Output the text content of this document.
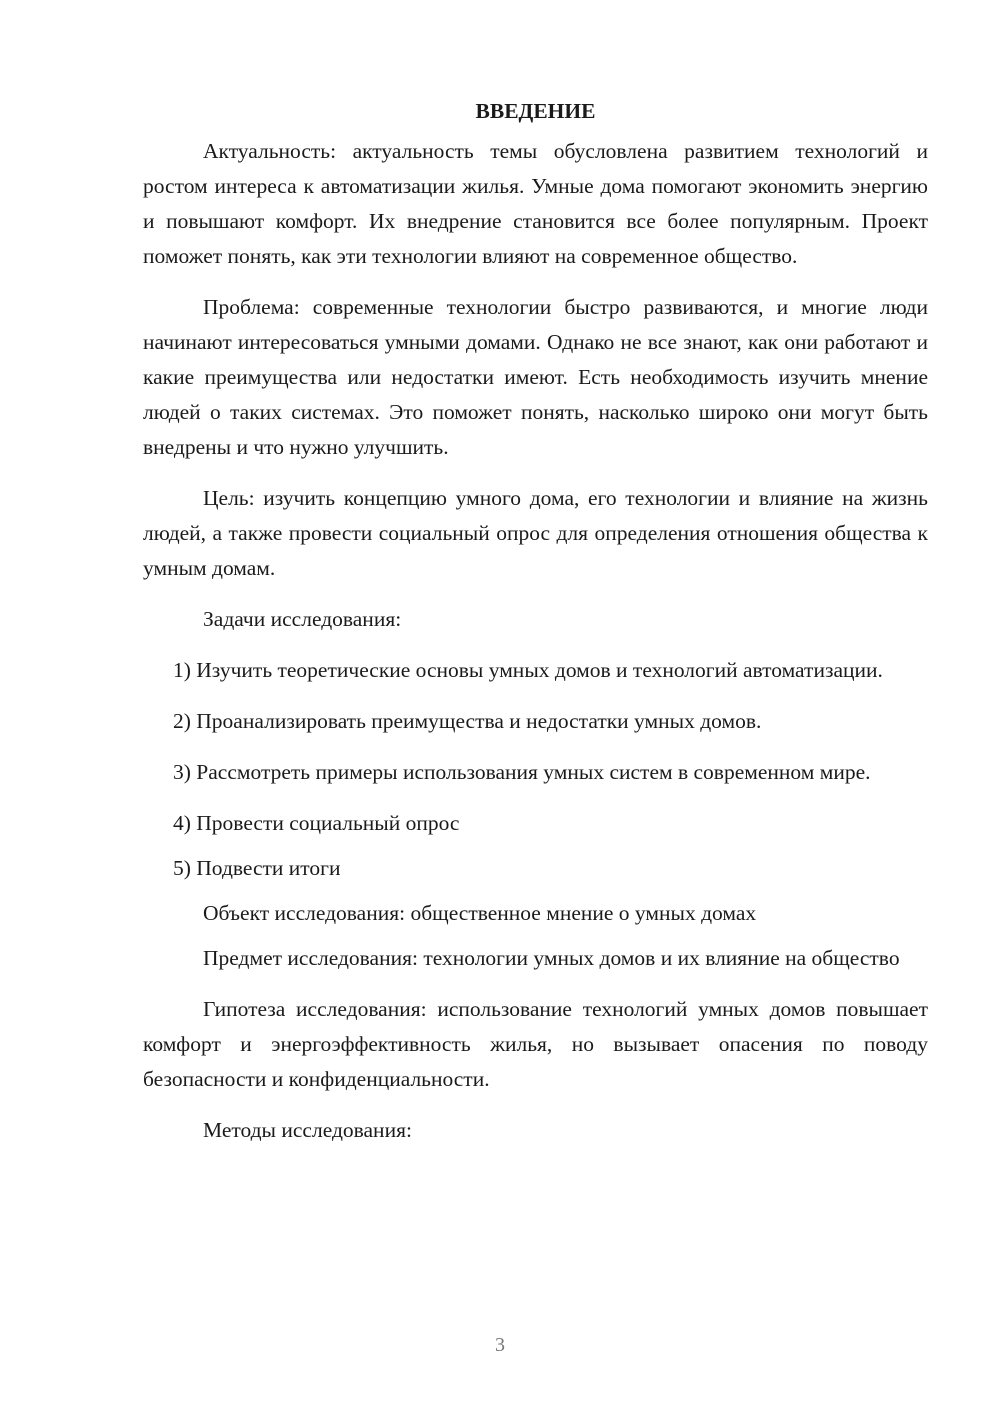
ВВЕДЕНИЕ

Актуальность: актуальность темы обусловлена развитием технологий и ростом интереса к автоматизации жилья. Умные дома помогают экономить энергию и повышают комфорт. Их внедрение становится все более популярным. Проект поможет понять, как эти технологии влияют на современное общество.

Проблема: современные технологии быстро развиваются, и многие люди начинают интересоваться умными домами. Однако не все знают, как они работают и какие преимущества или недостатки имеют. Есть необходимость изучить мнение людей о таких системах. Это поможет понять, насколько широко они могут быть внедрены и что нужно улучшить.

Цель: изучить концепцию умного дома, его технологии и влияние на жизнь людей, а также провести социальный опрос для определения отношения общества к умным домам.

Задачи исследования:

1) Изучить теоретические основы умных домов и технологий автоматизации.

2) Проанализировать преимущества и недостатки умных домов.

3) Рассмотреть примеры использования умных систем в современном мире.

4) Провести социальный опрос

5) Подвести итоги

Объект исследования: общественное мнение о умных домах

Предмет исследования: технологии умных домов и их влияние на общество

Гипотеза исследования: использование технологий умных домов повышает комфорт и энергоэффективность жилья, но вызывает опасения по поводу безопасности и конфиденциальности.

Методы исследования:

3
